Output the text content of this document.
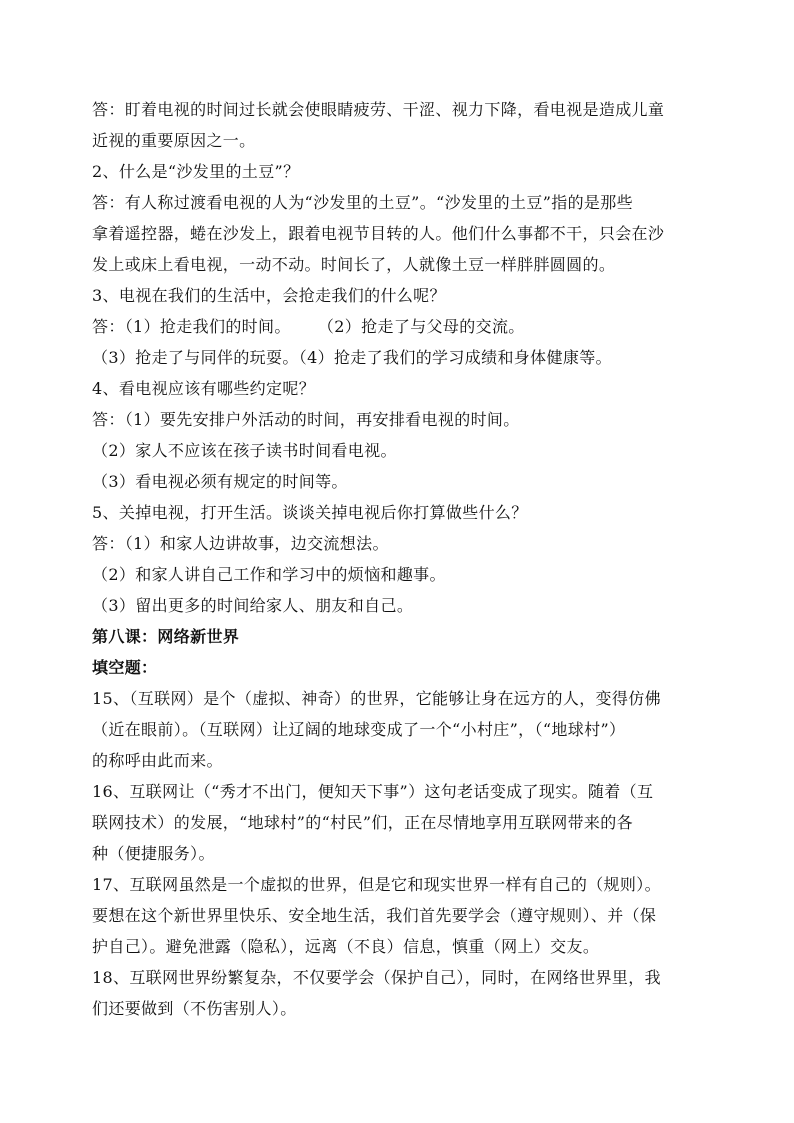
答：盯着电视的时间过长就会使眼睛疲劳、干涩、视力下降，看电视是造成儿童
近视的重要原因之一。
2、什么是“沙发里的土豆”？
答：有人称过渡看电视的人为“沙发里的土豆”。“沙发里的土豆”指的是那些
拿着遥控器，蜷在沙发上，跟着电视节目转的人。他们什么事都不干，只会在沙
发上或床上看电视，一动不动。时间长了，人就像土豆一样胖胖圆圆的。
3、电视在我们的生活中，会抢走我们的什么呢？
答：（1）抢走我们的时间。     （2）抢走了与父母的交流。
（3）抢走了与同伴的玩耍。（4）抢走了我们的学习成绩和身体健康等。
4、看电视应该有哪些约定呢？
答：（1）要先安排户外活动的时间，再安排看电视的时间。
（2）家人不应该在孩子读书时间看电视。
（3）看电视必须有规定的时间等。
5、关掉电视，打开生活。谈谈关掉电视后你打算做些什么？
答：（1）和家人边讲故事，边交流想法。
（2）和家人讲自己工作和学习中的烦恼和趣事。
（3）留出更多的时间给家人、朋友和自己。
第八课：网络新世界
填空题：
15、（互联网）是个（虚拟、神奇）的世界，它能够让身在远方的人，变得仿佛
（近在眼前）。（互联网）让辽阔的地球变成了一个“小村庄”，（“地球村”）
的称呼由此而来。
16、互联网让（“秀才不出门，便知天下事”）这句老话变成了现实。随着（互
联网技术）的发展，“地球村”的“村民”们，正在尽情地享用互联网带来的各
种（便捷服务）。
17、互联网虽然是一个虚拟的世界，但是它和现实世界一样有自己的（规则）。
要想在这个新世界里快乐、安全地生活，我们首先要学会（遵守规则）、并（保
护自己）。避免泄露（隐私），远离（不良）信息，慎重（网上）交友。
18、互联网世界纷繁复杂，不仅要学会（保护自己），同时，在网络世界里，我
们还要做到（不伤害别人）。
